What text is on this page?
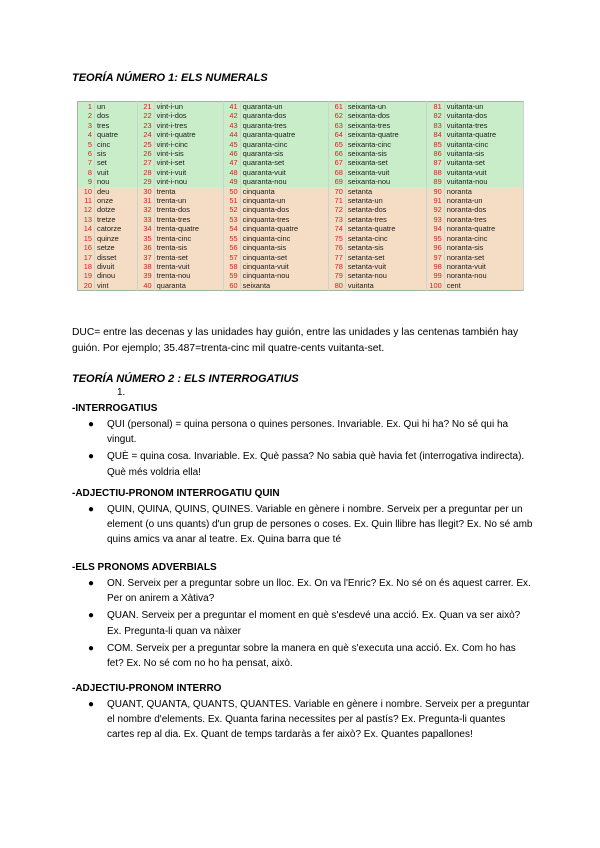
TEORÍA NÚMERO 1: ELS NUMERALS
1	un	21	vint-i-un	41	quaranta-un	61	seixanta-un	81	vuitanta-un
2	dos	22	vint-i-dos	42	quaranta-dos	62	seixanta-dos	82	vuitanta-dos
3	tres	23	vint-i-tres	43	quaranta-tres	63	seixanta-tres	83	vuitanta-tres
4	quatre	24	vint-i-quatre	44	quaranta-quatre	64	seixanta-quatre	84	vuitanta-quatre
5	cinc	25	vint-i-cinc	45	quaranta-cinc	65	seixanta-cinc	85	vuitanta-cinc
6	sis	26	vint-i-sis	46	quaranta-sis	66	seixanta-sis	86	vuitanta-sis
7	set	27	vint-i-set	47	quaranta-set	67	seixanta-set	87	vuitanta-set
8	vuit	28	vint-i-vuit	48	quaranta-vuit	68	seixanta-vuit	88	vuitanta-vuit
9	nou	29	vint-i-nou	49	quaranta-nou	69	seixanta-nou	89	vuitanta-nou
10	deu	30	trenta	50	cinquanta	70	setanta	90	noranta
11	onze	31	trenta-un	51	cinquanta-un	71	setanta-un	91	noranta-un
12	dotze	32	trenta-dos	52	cinquanta-dos	72	setanta-dos	92	noranta-dos
13	tretze	33	trenta-tres	53	cinquanta-tres	73	setanta-tres	93	noranta-tres
14	catorze	34	trenta-quatre	54	cinquanta-quatre	74	setanta-quatre	94	noranta-quatre
15	quinze	35	trenta-cinc	55	cinquanta-cinc	75	setanta-cinc	95	noranta-cinc
16	setze	36	trenta-sis	56	cinquanta-sis	76	setanta-sis	96	noranta-sis
17	disset	37	trenta-set	57	cinquanta-set	77	setanta-set	97	noranta-set
18	divuit	38	trenta-vuit	58	cinquanta-vuit	78	setanta-vuit	98	noranta-vuit
19	dinou	39	trenta-nou	59	cinquanta-nou	79	setanta-nou	99	noranta-nou
20	vint	40	quaranta	60	seixanta	80	vuitanta	100	cent
DUC= entre las decenas y las unidades hay guión, entre las unidades y las centenas también hay guión. Por ejemplo; 35.487=trenta-cinc mil quatre-cents vuitanta-set.
TEORÍA NÚMERO 2 : ELS INTERROGATIUS
1.
-INTERROGATIUS
● QUI (personal) = quina persona o quines persones. Invariable. Ex. Qui hi ha? No sé qui ha vingut.
● QUÈ = quina cosa. Invariable. Ex. Què passa? No sabia què havia fet (interrogativa indirecta). Què més voldria ella!
-ADJECTIU-PRONOM INTERROGATIU QUIN
● QUIN, QUINA, QUINS, QUINES. Variable en gènere i nombre. Serveix per a preguntar per un element (o uns quants) d'un grup de persones o coses. Ex. Quin llibre has llegit? Ex. No sé amb quins amics va anar al teatre. Ex. Quina barra que té
-ELS PRONOMS ADVERBIALS
● ON. Serveix per a preguntar sobre un lloc. Ex. On va l'Enric? Ex. No sé on és aquest carrer. Ex. Per on anirem a Xàtiva?
● QUAN. Serveix per a preguntar el moment en què s'esdevé una acció. Ex. Quan va ser això? Ex. Pregunta-li quan va nàixer
● COM. Serveix per a preguntar sobre la manera en què s'executa una acció. Ex. Com ho has fet? Ex. No sé com no ho ha pensat, això.
-ADJECTIU-PRONOM INTERRO
● QUANT, QUANTA, QUANTS, QUANTES. Variable en gènere i nombre. Serveix per a preguntar el nombre d'elements. Ex. Quanta farina necessites per al pastís? Ex. Pregunta-li quantes cartes rep al dia. Ex. Quant de temps tardaràs a fer això? Ex. Quantes papallones!
